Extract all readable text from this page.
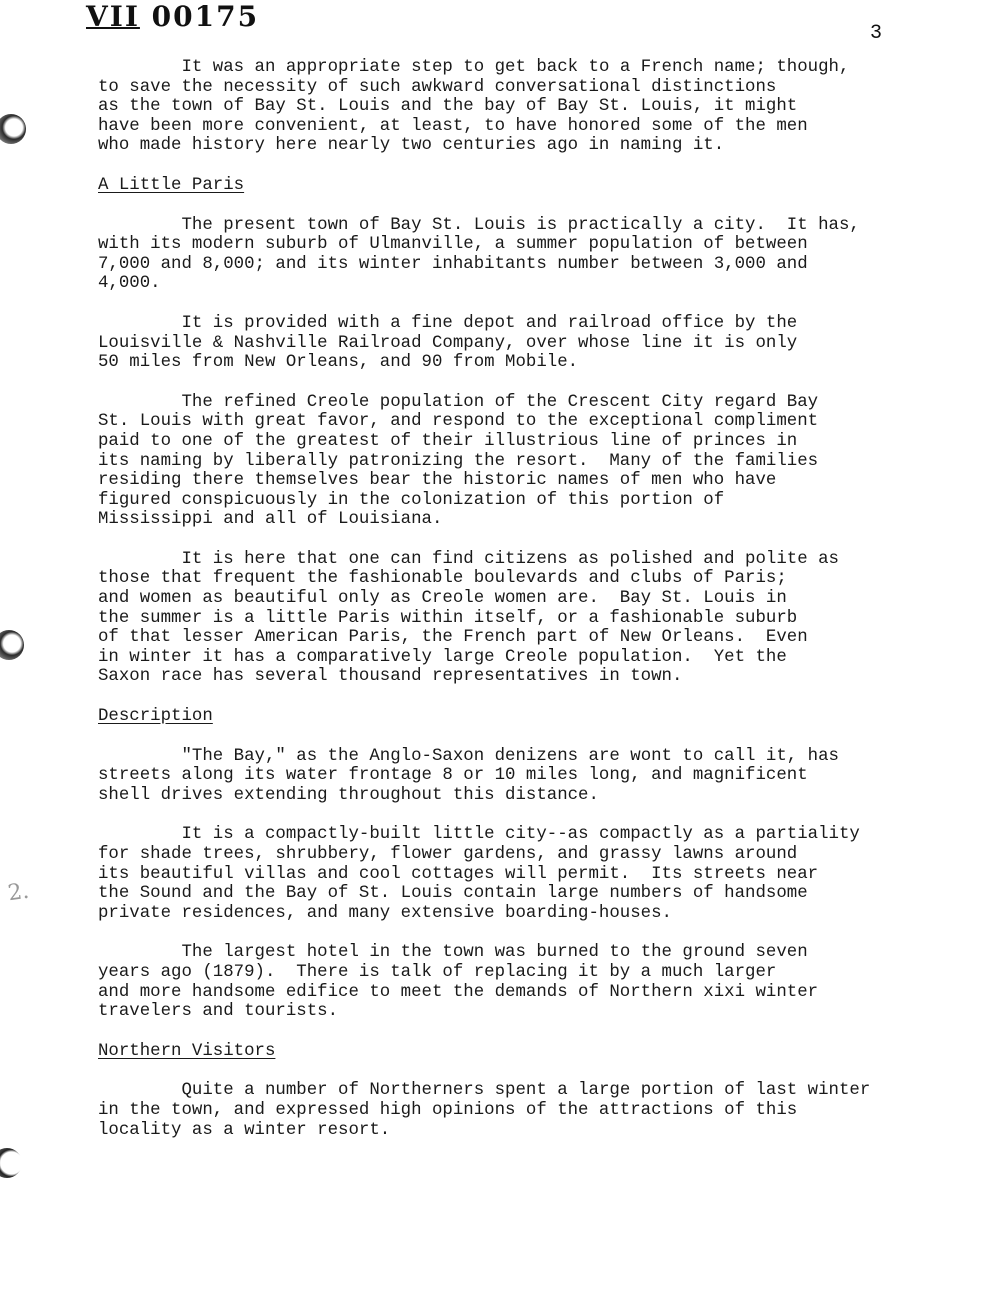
VII 00175
3
2.
It was an appropriate step to get back to a French name; though,
to save the necessity of such awkward conversational distinctions
as the town of Bay St. Louis and the bay of Bay St. Louis, it might
have been more convenient, at least, to have honored some of the men
who made history here nearly two centuries ago in naming it.
A Little Paris
The present town of Bay St. Louis is practically a city.  It has,
with its modern suburb of Ulmanville, a summer population of between
7,000 and 8,000; and its winter inhabitants number between 3,000 and
4,000.
It is provided with a fine depot and railroad office by the
Louisville & Nashville Railroad Company, over whose line it is only
50 miles from New Orleans, and 90 from Mobile.
The refined Creole population of the Crescent City regard Bay
St. Louis with great favor, and respond to the exceptional compliment
paid to one of the greatest of their illustrious line of princes in
its naming by liberally patronizing the resort.  Many of the families
residing there themselves bear the historic names of men who have
figured conspicuously in the colonization of this portion of
Mississippi and all of Louisiana.
It is here that one can find citizens as polished and polite as
those that frequent the fashionable boulevards and clubs of Paris;
and women as beautiful only as Creole women are.  Bay St. Louis in
the summer is a little Paris within itself, or a fashionable suburb
of that lesser American Paris, the French part of New Orleans.  Even
in winter it has a comparatively large Creole population.  Yet the
Saxon race has several thousand representatives in town.
Description
"The Bay," as the Anglo-Saxon denizens are wont to call it, has
streets along its water frontage 8 or 10 miles long, and magnificent
shell drives extending throughout this distance.
It is a compactly-built little city--as compactly as a partiality
for shade trees, shrubbery, flower gardens, and grassy lawns around
its beautiful villas and cool cottages will permit.  Its streets near
the Sound and the Bay of St. Louis contain large numbers of handsome
private residences, and many extensive boarding-houses.
The largest hotel in the town was burned to the ground seven
years ago (1879).  There is talk of replacing it by a much larger
and more handsome edifice to meet the demands of Northern xixi winter
travelers and tourists.
Northern Visitors
Quite a number of Northerners spent a large portion of last winter
in the town, and expressed high opinions of the attractions of this
locality as a winter resort.
